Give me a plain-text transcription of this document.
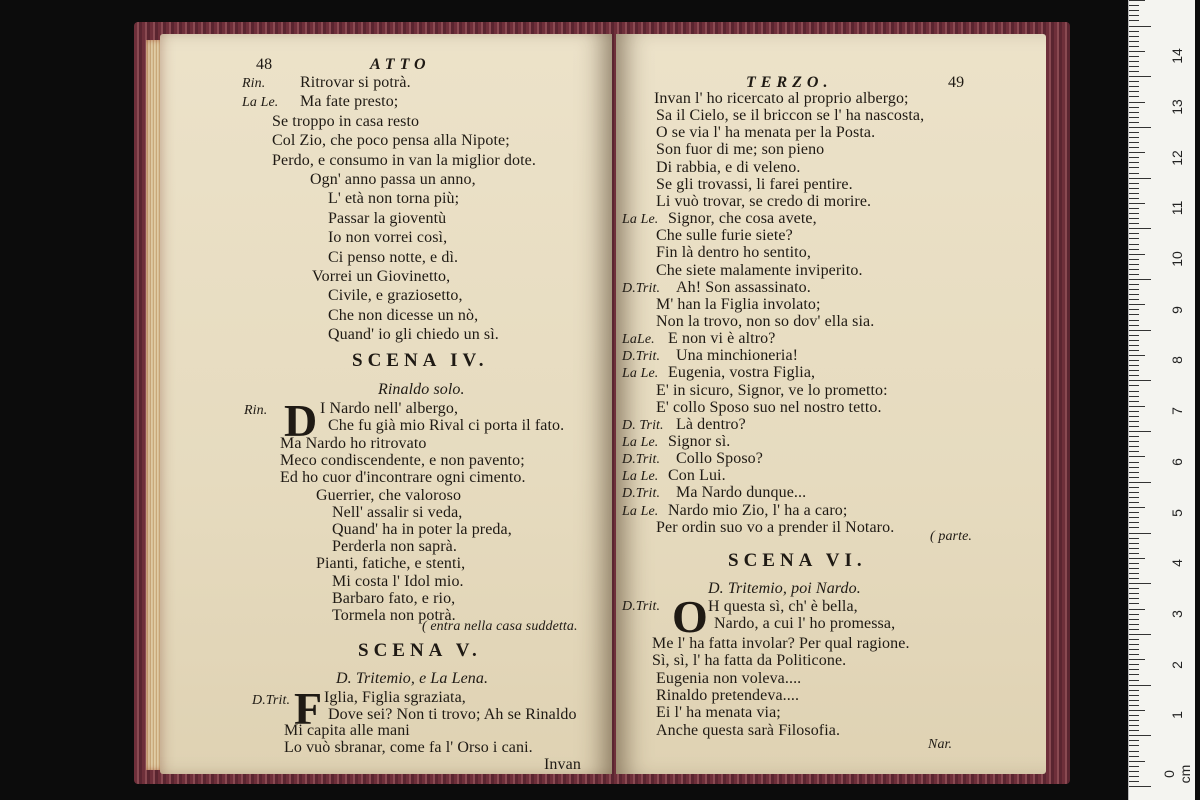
48	ATTO
Rin. Ritrovar si potrà.
La Le. Ma fate presto;
Se troppo in casa resto
Col Zio, che poco pensa alla Nipote;
Perdo, e consumo in van la miglior dote.
Ogn' anno passa un anno,
L' età non torna più;
Passar la gioventù
Io non vorrei così,
Ci penso notte, e dì.
Vorrei un Giovinetto,
Civile, e graziosetto,
Che non dicesse un nò,
Quand' io gli chiedo un sì.
SCENA IV.
Rinaldo solo.
Rin. D I Nardo nell' albergo,
Che fu già mio Rival ci porta il fato.
Ma Nardo ho ritrovato
Meco condiscendente, e non pavento;
Ed ho cuor d'incontrare ogni cimento.
Guerrier, che valoroso
Nell' assalir si veda,
Quand' ha in poter la preda,
Perderla non saprà.
Pianti, fatiche, e stenti,
Mi costa l' Idol mio.
Barbaro fato, e rio,
Tormela non potrà.
( entra nella casa suddetta.
SCENA V.
D. Tritemio, e La Lena.
D.Trit. F Iglia, Figlia sgraziata,
Dove sei? Non ti trovo; Ah se Rinaldo
Mi capita alle mani
Lo vuò sbranar, come fa l' Orso i cani.
Invan
TERZO.	49
Invan l' ho ricercato al proprio albergo;
Sa il Cielo, se il briccon se l' ha nascosta,
O se via l' ha menata per la Posta.
Son fuor di me; son pieno
Di rabbia, e di veleno.
Se gli trovassi, li farei pentire.
Li vuò trovar, se credo di morire.
La Le. Signor, che cosa avete,
Che sulle furie siete?
Fin là dentro ho sentito,
Che siete malamente inviperito.
D.Trit. Ah! Son assassinato.
M' han la Figlia involato;
Non la trovo, non so dov' ella sia.
LaLe. E non vi è altro?
D.Trit. Una minchioneria!
La Le. Eugenia, vostra Figlia,
E' in sicuro, Signor, ve lo prometto:
E' collo Sposo suo nel nostro tetto.
D. Trit. Là dentro?
La Le. Signor sì.
D.Trit. Collo Sposo?
La Le. Con Lui.
D.Trit. Ma Nardo dunque...
La Le. Nardo mio Zio, l' ha a caro;
Per ordin suo vo a prender il Notaro.
( parte.
SCENA VI.
D. Tritemio, poi Nardo.
D.Trit. O H questa sì, ch' è bella,
Nardo, a cui l' ho promessa,
Me l' ha fatta involar? Per qual ragione.
Sì, sì, l' ha fatta da Politicone.
Eugenia non voleva....
Rinaldo pretendeva....
Ei l' ha menata via;
Anche questa sarà Filosofia.
Nar.
0 cm
1
2
3
4
5
6
7
8
9
10
11
12
13
14
